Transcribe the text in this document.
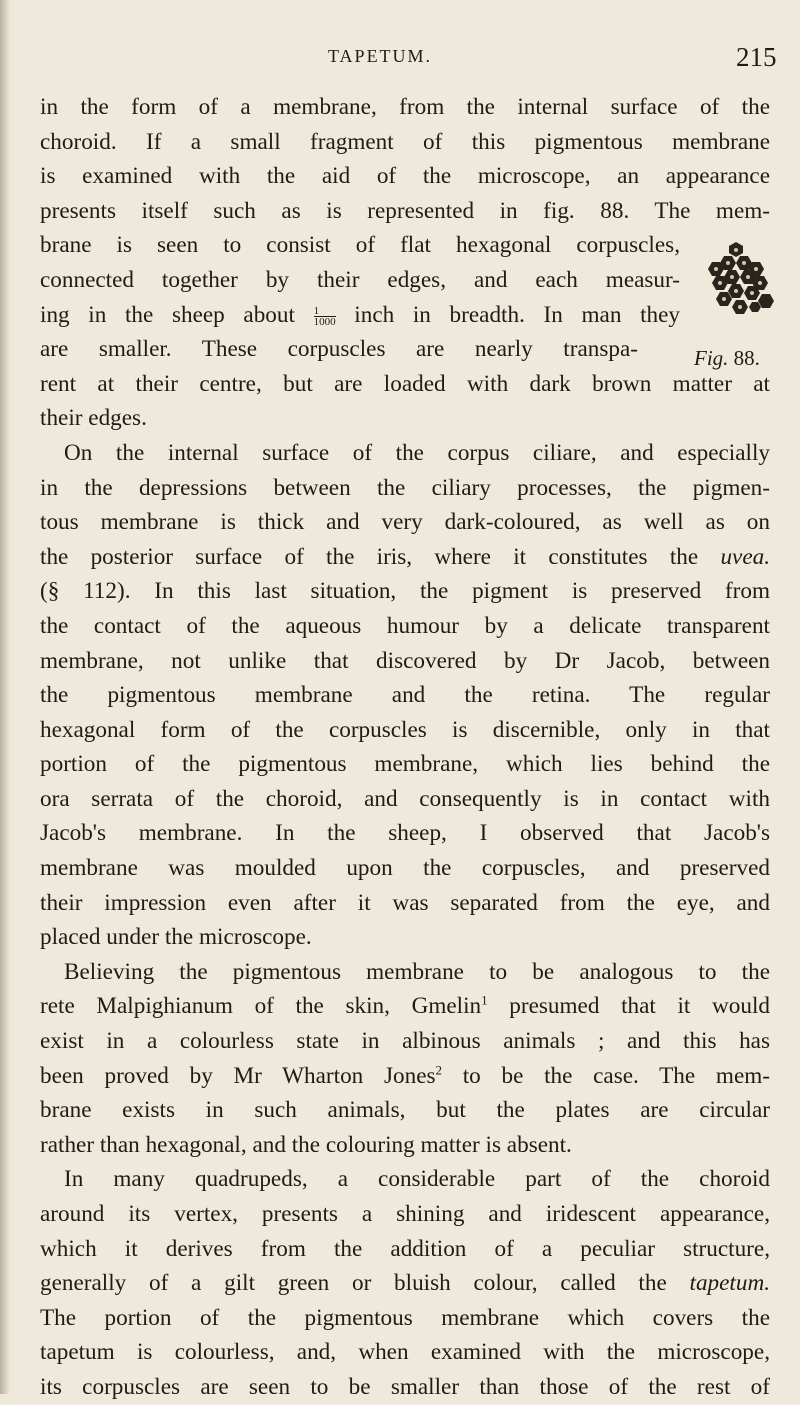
TAPETUM.	215
Fig. 88.
in the form of a membrane, from the internal surface of the
choroid. If a small fragment of this pigmentous membrane
is examined with the aid of the microscope, an appearance
presents itself such as is represented in fig. 88. The mem-
brane is seen to consist of flat hexagonal corpuscles,
connected together by their edges, and each measur-
ing in the sheep about $\frac{1}{1000}$ inch in breadth. In man they
are smaller. These corpuscles are nearly transpa-
rent at their centre, but are loaded with dark brown matter at
their edges.
On the internal surface of the corpus ciliare, and especially
in the depressions between the ciliary processes, the pigmen-
tous membrane is thick and very dark-coloured, as well as on
the posterior surface of the iris, where it constitutes the uvea.
(§ 112). In this last situation, the pigment is preserved from
the contact of the aqueous humour by a delicate transparent
membrane, not unlike that discovered by Dr Jacob, between
the pigmentous membrane and the retina. The regular
hexagonal form of the corpuscles is discernible, only in that
portion of the pigmentous membrane, which lies behind the
ora serrata of the choroid, and consequently is in contact with
Jacob's membrane. In the sheep, I observed that Jacob's
membrane was moulded upon the corpuscles, and preserved
their impression even after it was separated from the eye, and
placed under the microscope.
Believing the pigmentous membrane to be analogous to the
rete Malpighianum of the skin, Gmelin$^1$ presumed that it would
exist in a colourless state in albinous animals ; and this has
been proved by Mr Wharton Jones$^2$ to be the case. The mem-
brane exists in such animals, but the plates are circular
rather than hexagonal, and the colouring matter is absent.
In many quadrupeds, a considerable part of the choroid
around its vertex, presents a shining and iridescent appearance,
which it derives from the addition of a peculiar structure,
generally of a gilt green or bluish colour, called the tapetum.
The portion of the pigmentous membrane which covers the
tapetum is colourless, and, when examined with the microscope,
its corpuscles are seen to be smaller than those of the rest of
